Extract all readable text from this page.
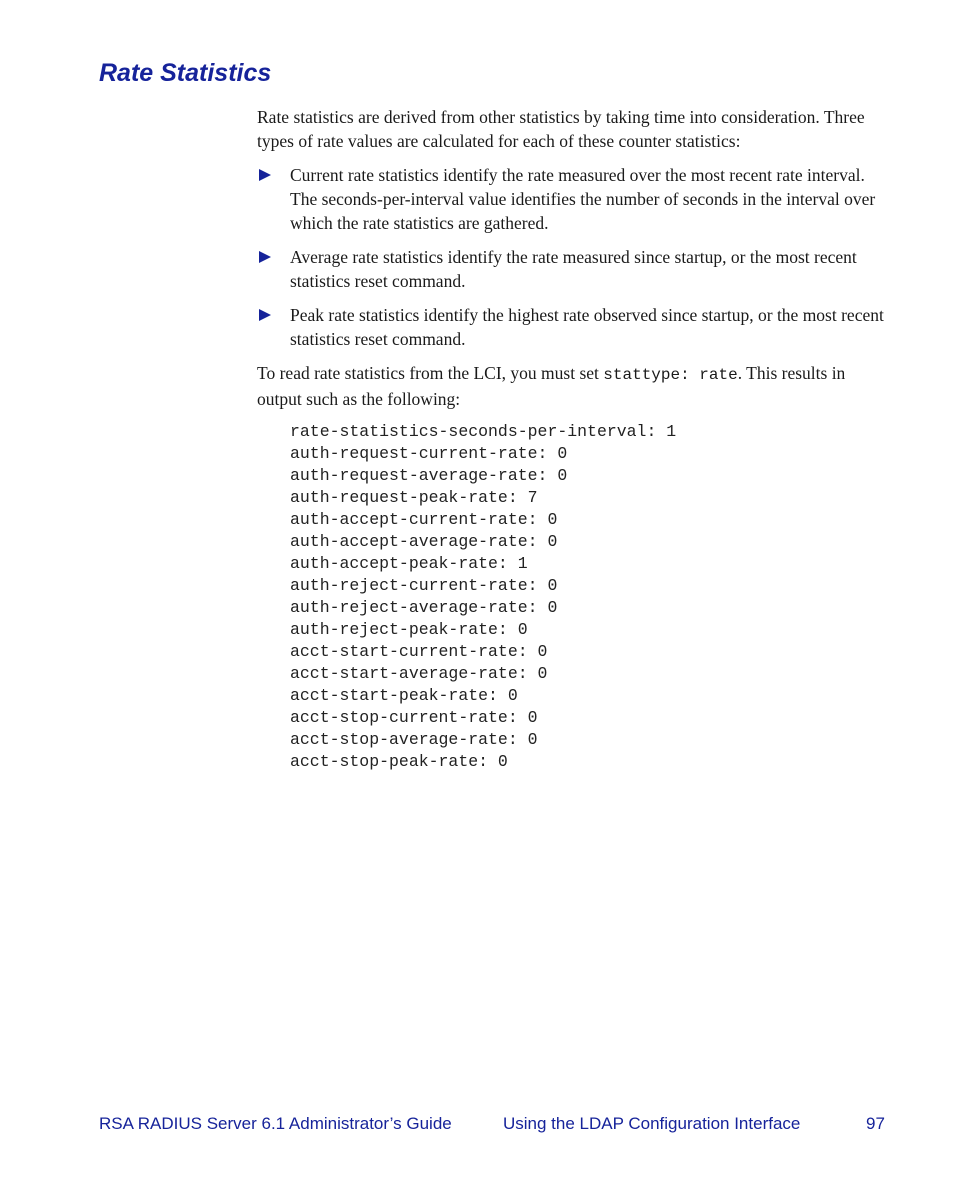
Rate Statistics

Rate statistics are derived from other statistics by taking time into consideration. Three types of rate values are calculated for each of these counter statistics:

Current rate statistics identify the rate measured over the most recent rate interval. The seconds-per-interval value identifies the number of seconds in the interval over which the rate statistics are gathered.
Average rate statistics identify the rate measured since startup, or the most recent statistics reset command.
Peak rate statistics identify the highest rate observed since startup, or the most recent statistics reset command.

To read rate statistics from the LCI, you must set stattype: rate. This results in output such as the following:

rate-statistics-seconds-per-interval: 1
auth-request-current-rate: 0
auth-request-average-rate: 0
auth-request-peak-rate: 7
auth-accept-current-rate: 0
auth-accept-average-rate: 0
auth-accept-peak-rate: 1
auth-reject-current-rate: 0
auth-reject-average-rate: 0
auth-reject-peak-rate: 0
acct-start-current-rate: 0
acct-start-average-rate: 0
acct-start-peak-rate: 0
acct-stop-current-rate: 0
acct-stop-average-rate: 0
acct-stop-peak-rate: 0
RSA RADIUS Server 6.1 Administrator’s Guide	Using the LDAP Configuration Interface	97
